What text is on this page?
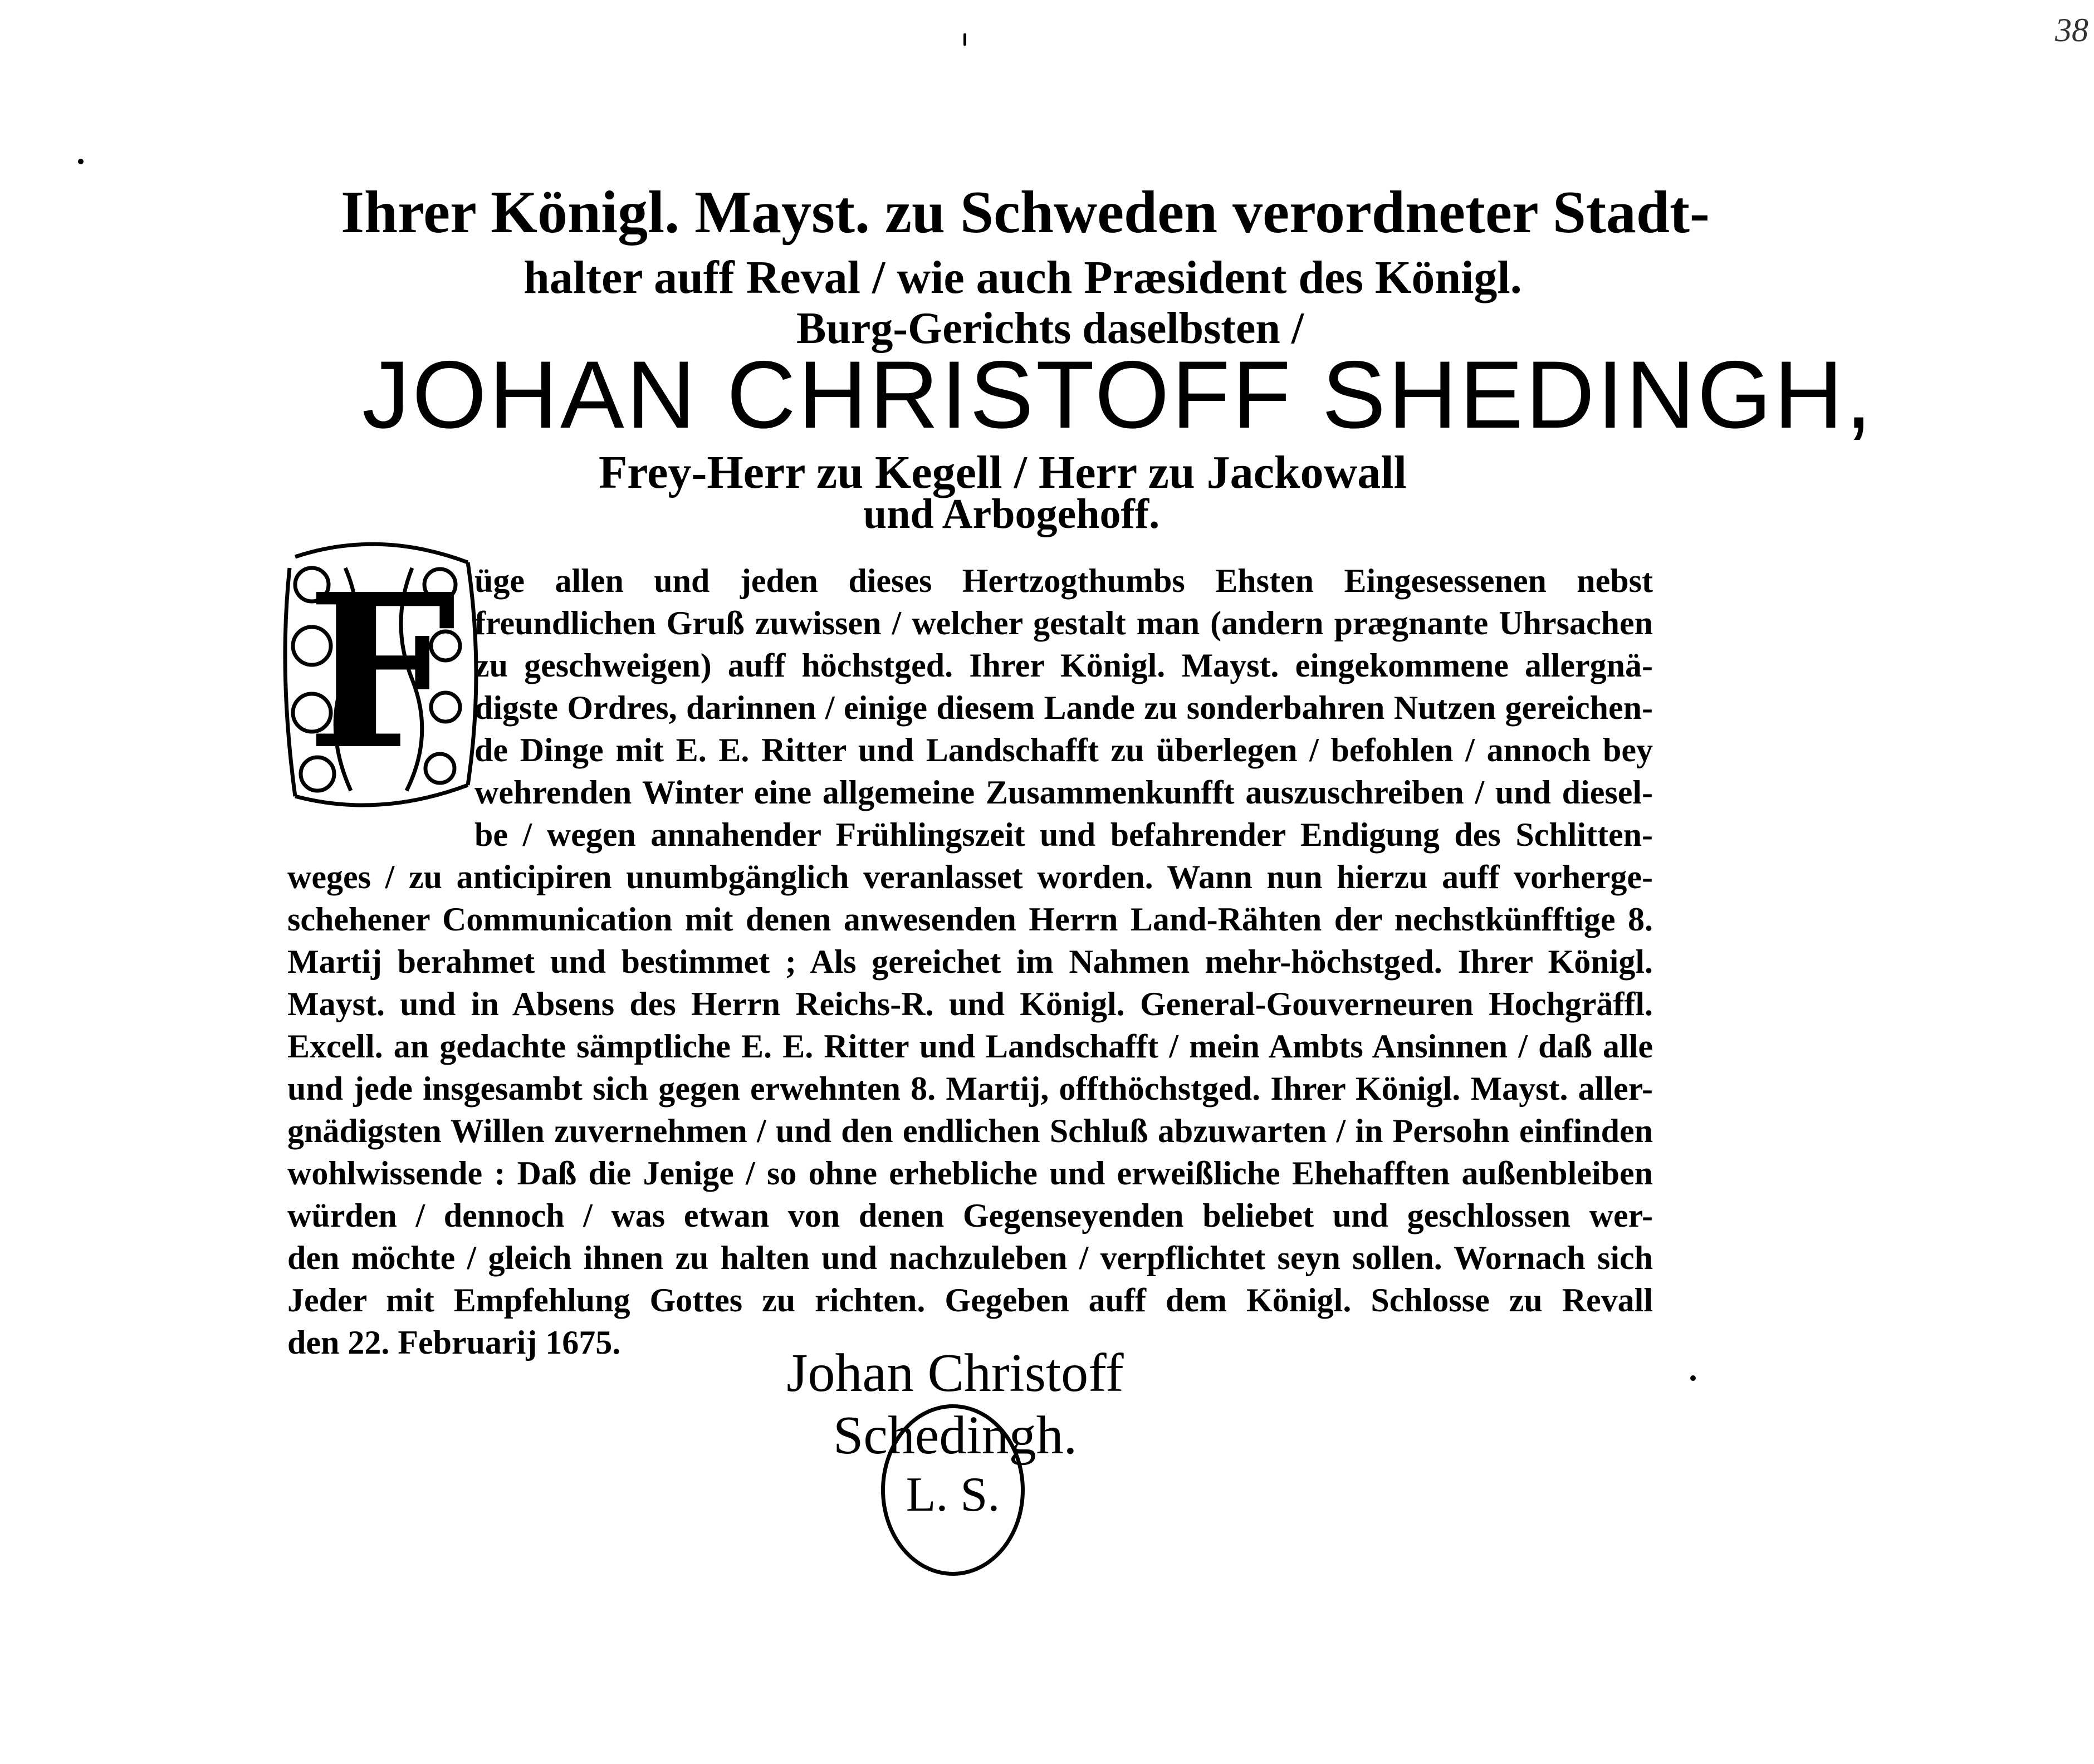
38
Ihrer Königl. Mayst. zu Schweden verordneter Stadt-
halter auff Reval / wie auch Præsident des Königl.
Burg-Gerichts daselbsten /
JOHAN CHRISTOFF SHEDINGH,
Frey-Herr zu Kegell / Herr zu Jackowall
und Arbogehoff.
F üge allen und jeden dieses Hertzogthumbs Ehsten Eingesessenen nebst
freundlichen Gruß zuwissen / welcher gestalt man (andern prægnante Uhrsachen
zu geschweigen) auff höchstged. Ihrer Königl. Mayst. eingekommene allergnä-
digste Ordres, darinnen / einige diesem Lande zu sonderbahren Nutzen gereichen-
de Dinge mit E. E. Ritter und Landschafft zu überlegen / befohlen / annoch bey
wehrenden Winter eine allgemeine Zusammenkunfft auszuschreiben / und diesel-
be / wegen annahender Frühlingszeit und befahrender Endigung des Schlitten-
weges / zu anticipiren unumbgänglich veranlasset worden. Wann nun hierzu auff vorherge-
schehener Communication mit denen anwesenden Herrn Land-Rähten der nechstkünfftige 8.
Martij berahmet und bestimmet ; Als gereichet im Nahmen mehr-höchstged. Ihrer Königl.
Mayst. und in Absens des Herrn Reichs-R. und Königl. General-Gouverneuren Hochgräffl.
Excell. an gedachte sämptliche E. E. Ritter und Landschafft / mein Ambts Ansinnen / daß alle
und jede insgesambt sich gegen erwehnten 8. Martij, offthöchstged. Ihrer Königl. Mayst. aller-
gnädigsten Willen zuvernehmen / und den endlichen Schluß abzuwarten / in Persohn einfinden
wohlwissende : Daß die Jenige / so ohne erhebliche und erweißliche Ehehafften außenbleiben
würden / dennoch / was etwan von denen Gegenseyenden beliebet und geschlossen wer-
den möchte / gleich ihnen zu halten und nachzuleben / verpflichtet seyn sollen. Wornach sich
Jeder mit Empfehlung Gottes zu richten. Gegeben auff dem Königl. Schlosse zu Revall
den 22. Februarij 1675.
Johan Christoff Schedingh.
L. S.
